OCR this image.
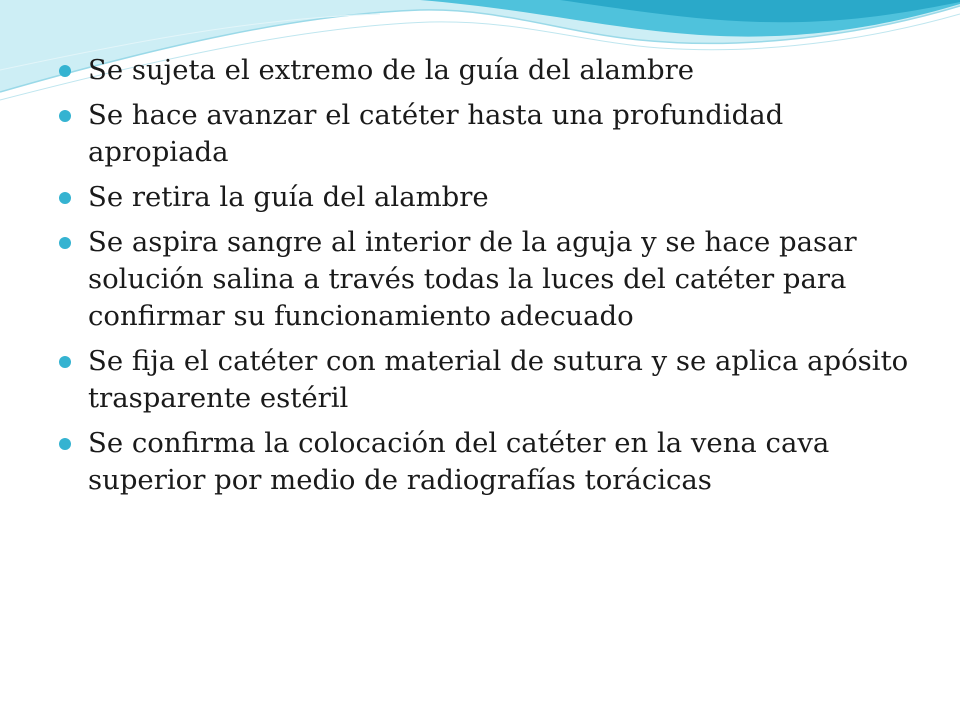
Se sujeta el extremo de la guía del alambre
Se hace avanzar el catéter hasta una profundidad apropiada
Se retira la guía del alambre
Se aspira sangre al interior de la aguja y se hace pasar solución salina a través todas la luces del catéter para confirmar su funcionamiento adecuado
Se fija el catéter con material de sutura y se aplica apósito trasparente estéril
Se confirma la colocación del catéter en la vena cava superior por medio de radiografías torácicas
